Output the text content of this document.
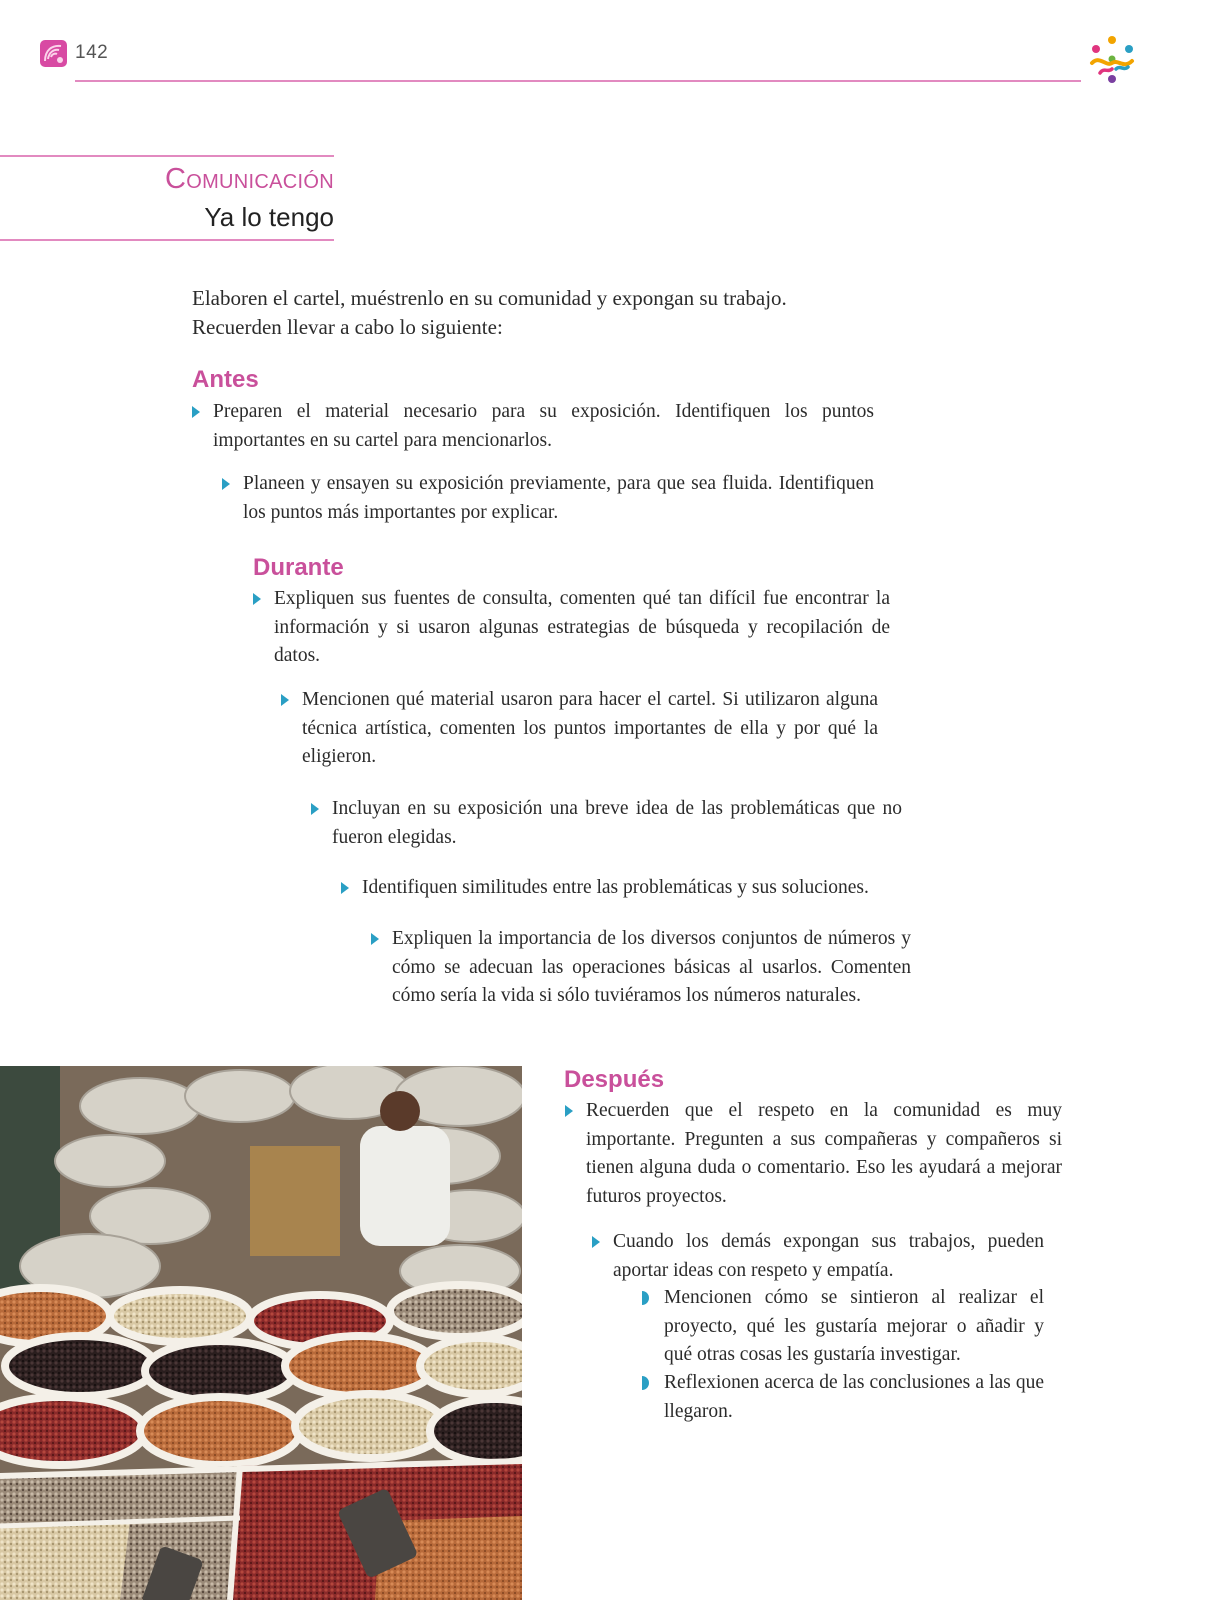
142
Comunicación
Ya lo tengo
Elaboren el cartel, muéstrenlo en su comunidad y expongan su trabajo.
Recuerden llevar a cabo lo siguiente:
Antes
Preparen el material necesario para su exposición. Identifiquen los puntos importantes en su cartel para mencionarlos.
Planeen y ensayen su exposición previamente, para que sea fluida. Identifiquen los puntos más importantes por explicar.
Durante
Expliquen sus fuentes de consulta, comenten qué tan difícil fue encontrar la información y si usaron algunas estrategias de búsqueda y recopilación de datos.
Mencionen qué material usaron para hacer el cartel. Si utilizaron alguna técnica artística, comenten los puntos importantes de ella y por qué la eligieron.
Incluyan en su exposición una breve idea de las problemáticas que no fueron elegidas.
Identifiquen similitudes entre las problemáticas y sus soluciones.
Expliquen la importancia de los diversos conjuntos de números y cómo se adecuan las operaciones básicas al usarlos. Comenten cómo sería la vida si sólo tuviéramos los números naturales.
Después
Recuerden que el respeto en la comunidad es muy importante. Pregunten a sus compañeras y compañeros si tienen alguna duda o comentario. Eso les ayudará a mejorar futuros proyectos.
Cuando los demás expongan sus trabajos, pueden aportar ideas con respeto y empatía.
Mencionen cómo se sintieron al realizar el proyecto, qué les gustaría mejorar o añadir y qué otras cosas les gustaría investigar.
Reflexionen acerca de las conclusiones a las que llegaron.
